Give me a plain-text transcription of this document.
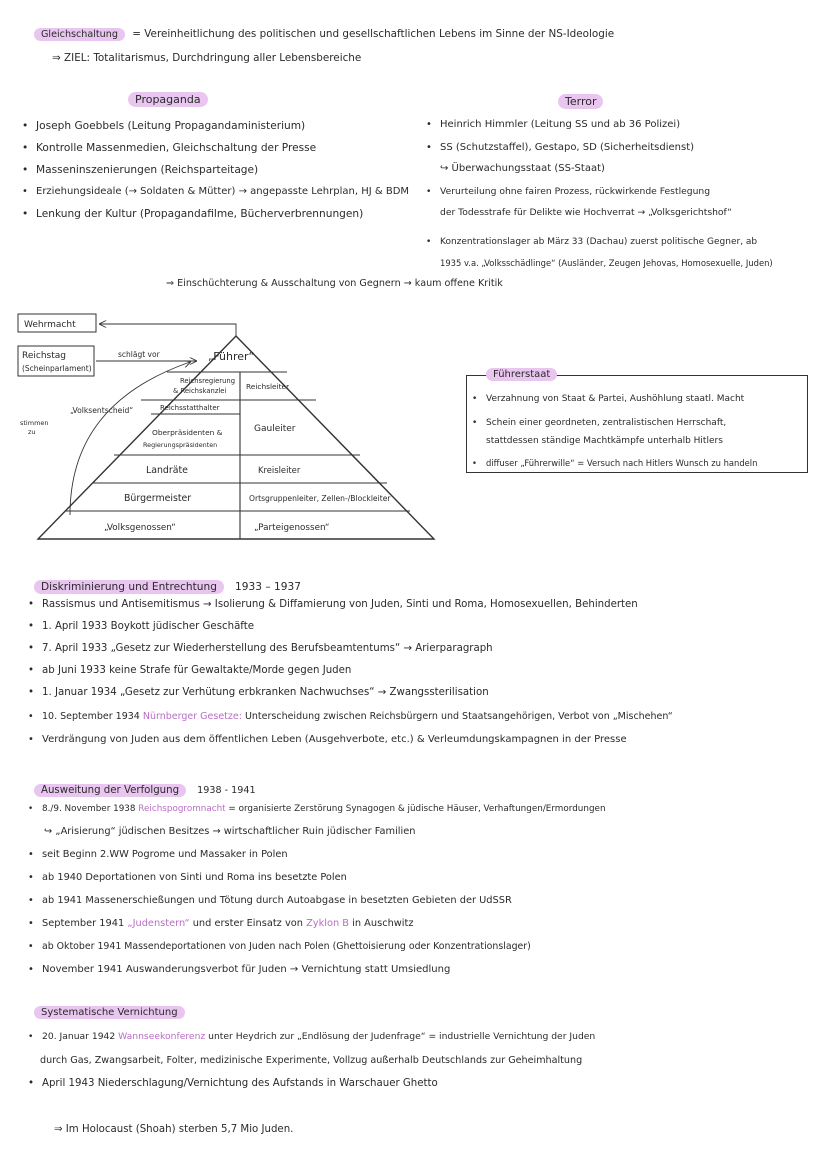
Gleichschaltung = Vereinheitlichung des politischen und gesellschaftlichen Lebens im Sinne der NS-Ideologie
⇒ ZIEL: Totalitarismus, Durchdringung aller Lebensbereiche
Propaganda
• Joseph Goebbels (Leitung Propagandaministerium)
• Kontrolle Massenmedien, Gleichschaltung der Presse
• Masseninszenierungen (Reichsparteitage)
• Erziehungsideale (→ Soldaten & Mütter) → angepasste Lehrplan, HJ & BDM
• Lenkung der Kultur (Propagandafilme, Bücherverbrennungen)
Terror
• Heinrich Himmler (Leitung SS und ab 36 Polizei)
• SS (Schutzstaffel), Gestapo, SD (Sicherheitsdienst)
↪ Überwachungsstaat (SS-Staat)
• Verurteilung ohne fairen Prozess, rückwirkende Festlegung
der Todesstrafe für Delikte wie Hochverrat → „Volksgerichtshof“
• Konzentrationslager ab März 33 (Dachau) zuerst politische Gegner, ab
1935 v.a. „Volksschädlinge“ (Ausländer, Zeugen Jehovas, Homosexuelle, Juden)
⇒ Einschüchterung & Ausschaltung von Gegnern → kaum offene Kritik
Wehrmacht
Reichstag
(Scheinparlament)
schlägt vor
„Volksentscheid“
stimmen
zu
„Führer“
Reichsregierung
& Reichskanzlei	Reichsleiter
Reichsstatthalter
Oberpräsidenten &
Regierungspräsidenten
Gauleiter
Landräte	Kreisleiter
Bürgermeister	Ortsgruppenleiter, Zellen-/Blockleiter
„Volksgenossen“	„Parteigenossen“
Führerstaat
• Verzahnung von Staat & Partei, Aushöhlung staatl. Macht
• Schein einer geordneten, zentralistischen Herrschaft,
stattdessen ständige Machtkämpfe unterhalb Hitlers
• diffuser „Führerwille“ = Versuch nach Hitlers Wunsch zu handeln
Diskriminierung und Entrechtung 1933 – 1937
• Rassismus und Antisemitismus → Isolierung & Diffamierung von Juden, Sinti und Roma, Homosexuellen, Behinderten
• 1. April 1933 Boykott jüdischer Geschäfte
• 7. April 1933 „Gesetz zur Wiederherstellung des Berufsbeamtentums“ → Arierparagraph
• ab Juni 1933 keine Strafe für Gewaltakte/Morde gegen Juden
• 1. Januar 1934 „Gesetz zur Verhütung erbkranken Nachwuchses“ → Zwangssterilisation
• 10. September 1934 Nürnberger Gesetze: Unterscheidung zwischen Reichsbürgern und Staatsangehörigen, Verbot von „Mischehen“
• Verdrängung von Juden aus dem öffentlichen Leben (Ausgehverbote, etc.) & Verleumdungskampagnen in der Presse
Ausweitung der Verfolgung 1938 - 1941
• 8./9. November 1938 Reichspogromnacht = organisierte Zerstörung Synagogen & jüdische Häuser, Verhaftungen/Ermordungen
↪ „Arisierung“ jüdischen Besitzes → wirtschaftlicher Ruin jüdischer Familien
• seit Beginn 2.WW Pogrome und Massaker in Polen
• ab 1940 Deportationen von Sinti und Roma ins besetzte Polen
• ab 1941 Massenerschießungen und Tötung durch Autoabgase in besetzten Gebieten der UdSSR
• September 1941 „Judenstern“ und erster Einsatz von Zyklon B in Auschwitz
• ab Oktober 1941 Massendeportationen von Juden nach Polen (Ghettoisierung oder Konzentrationslager)
• November 1941 Auswanderungsverbot für Juden → Vernichtung statt Umsiedlung
Systematische Vernichtung
• 20. Januar 1942 Wannseekonferenz unter Heydrich zur „Endlösung der Judenfrage“ = industrielle Vernichtung der Juden
durch Gas, Zwangsarbeit, Folter, medizinische Experimente, Vollzug außerhalb Deutschlands zur Geheimhaltung
• April 1943 Niederschlagung/Vernichtung des Aufstands in Warschauer Ghetto
⇒ Im Holocaust (Shoah) sterben 5,7 Mio Juden.
